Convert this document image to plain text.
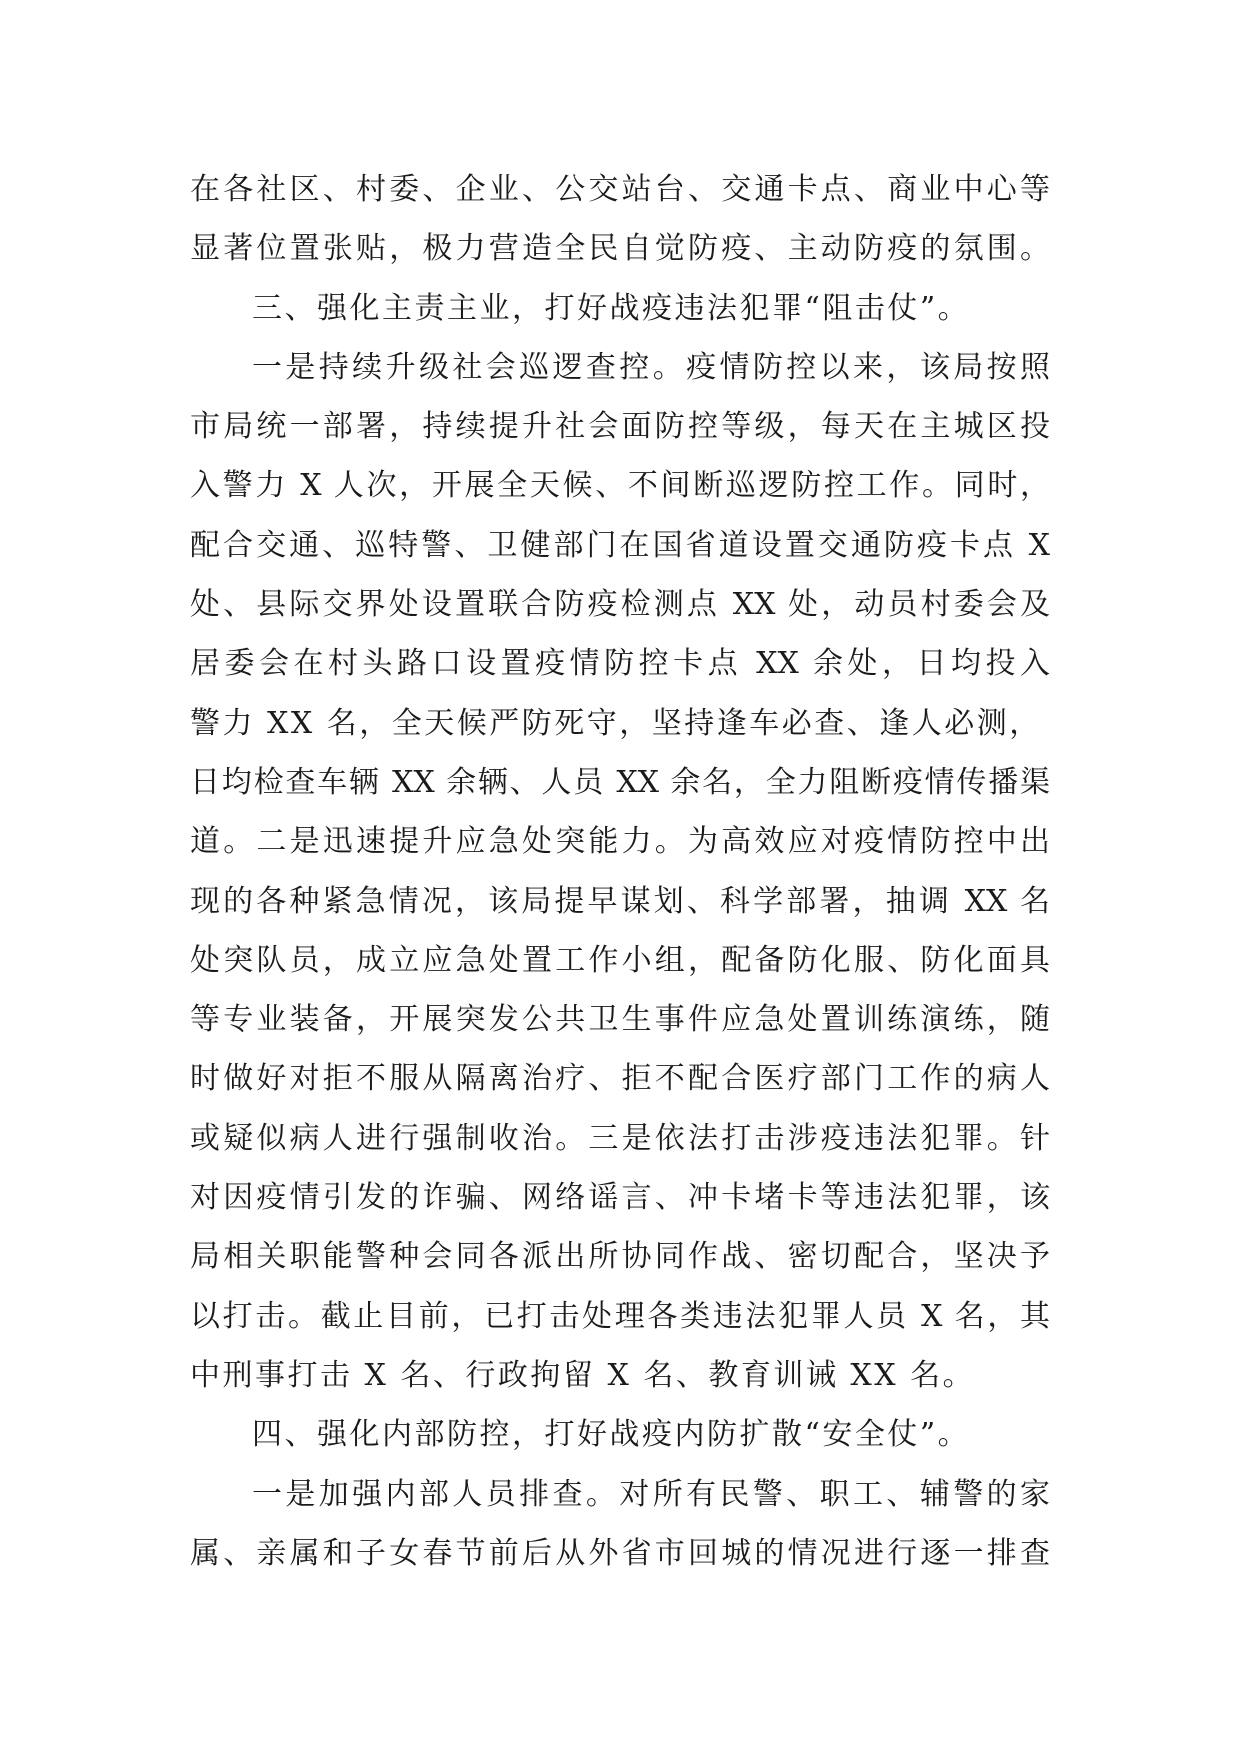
在各社区、村委、企业、公交站台、交通卡点、商业中心等
显著位置张贴，极力营造全民自觉防疫、主动防疫的氛围。
三、强化主责主业，打好战疫违法犯罪“阻击仗”。
一是持续升级社会巡逻查控。疫情防控以来，该局按照
市局统一部署，持续提升社会面防控等级，每天在主城区投
入警力 X 人次，开展全天候、不间断巡逻防控工作。同时，
配合交通、巡特警、卫健部门在国省道设置交通防疫卡点 X
处、县际交界处设置联合防疫检测点 XX 处，动员村委会及
居委会在村头路口设置疫情防控卡点 XX 余处，日均投入
警力 XX 名，全天候严防死守，坚持逢车必查、逢人必测，
日均检查车辆 XX 余辆、人员 XX 余名，全力阻断疫情传播渠
道。二是迅速提升应急处突能力。为高效应对疫情防控中出
现的各种紧急情况，该局提早谋划、科学部署，抽调 XX 名
处突队员，成立应急处置工作小组，配备防化服、防化面具
等专业装备，开展突发公共卫生事件应急处置训练演练，随
时做好对拒不服从隔离治疗、拒不配合医疗部门工作的病人
或疑似病人进行强制收治。三是依法打击涉疫违法犯罪。针
对因疫情引发的诈骗、网络谣言、冲卡堵卡等违法犯罪，该
局相关职能警种会同各派出所协同作战、密切配合，坚决予
以打击。截止目前，已打击处理各类违法犯罪人员 X 名，其
中刑事打击 X 名、行政拘留 X 名、教育训诫 XX 名。
四、强化内部防控，打好战疫内防扩散“安全仗”。
一是加强内部人员排查。对所有民警、职工、辅警的家
属、亲属和子女春节前后从外省市回城的情况进行逐一排查
